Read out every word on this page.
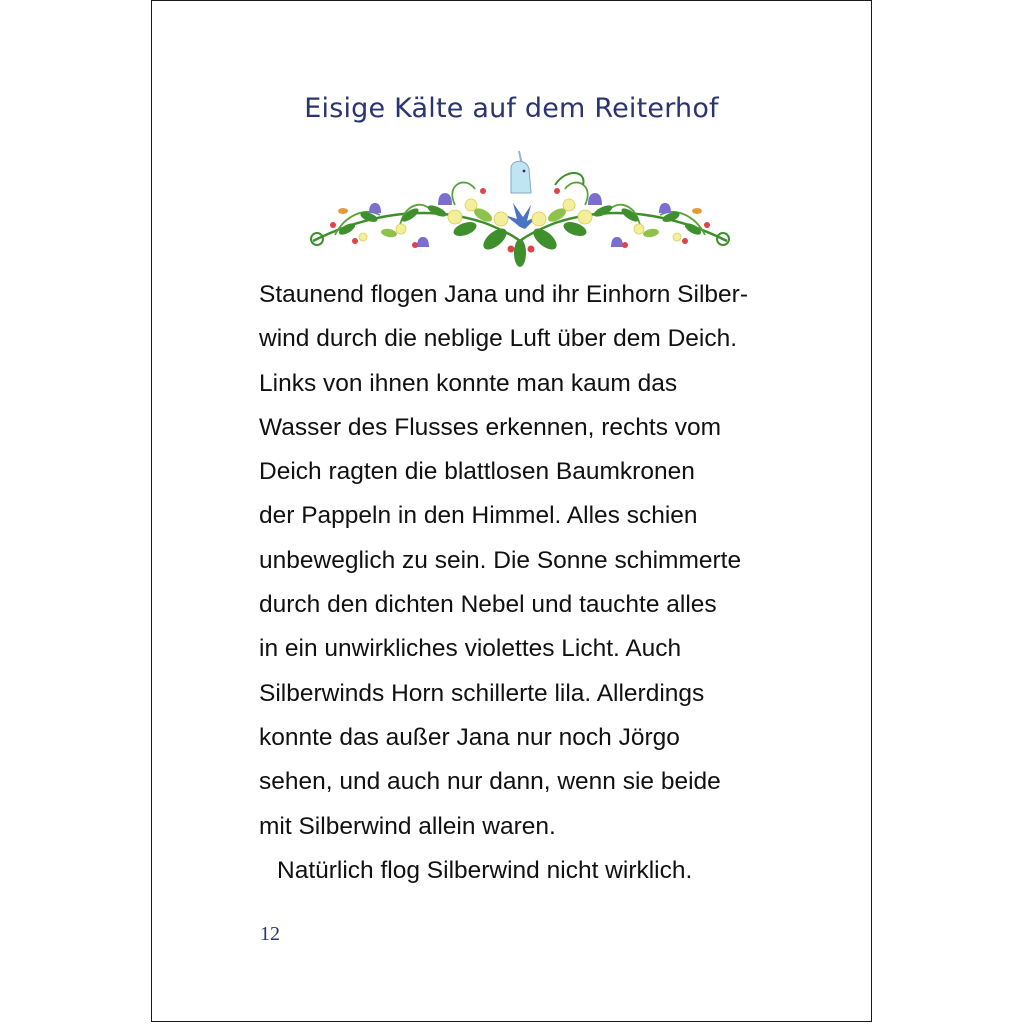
Eisige Kälte auf dem Reiterhof
Staunend flogen Jana und ihr Einhorn Silber-
wind durch die neblige Luft über dem Deich.
Links von ihnen konnte man kaum das
Wasser des Flusses erkennen, rechts vom
Deich ragten die blattlosen Baumkronen
der Pappeln in den Himmel. Alles schien
unbeweglich zu sein. Die Sonne schimmerte
durch den dichten Nebel und tauchte alles
in ein unwirkliches violettes Licht. Auch
Silberwinds Horn schillerte lila. Allerdings
konnte das außer Jana nur noch Jörgo
sehen, und auch nur dann, wenn sie beide
mit Silberwind allein waren.
Natürlich flog Silberwind nicht wirklich.
12
